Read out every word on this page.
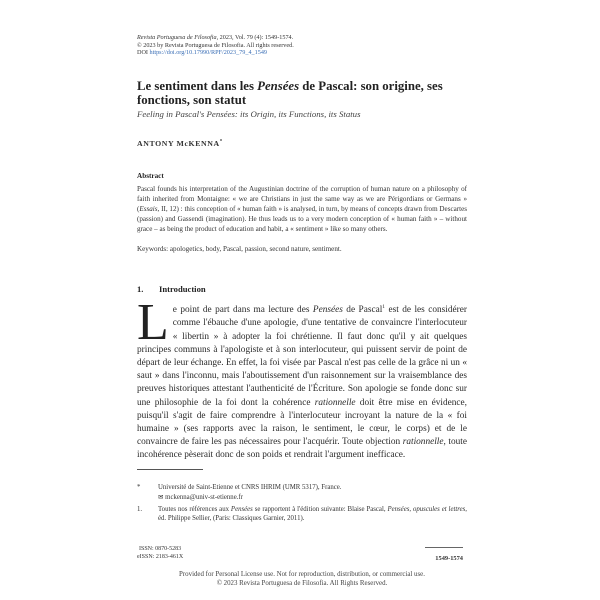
Revista Portuguesa de Filosofia, 2023, Vol. 79 (4): 1549-1574.
© 2023 by Revista Portuguesa de Filosofia. All rights reserved.
DOI https://doi.org/10.17990/RPF/2023_79_4_1549
Le sentiment dans les Pensées de Pascal: son origine, ses fonctions, son statut
Feeling in Pascal's Pensées: its Origin, its Functions, its Status
ANTONY McKENNA*
Abstract
Pascal founds his interpretation of the Augustinian doctrine of the corruption of human nature on a philosophy of faith inherited from Montaigne: « we are Christians in just the same way as we are Périgordians or Germans » (Essais, II, 12) : this conception of « human faith » is analysed, in turn, by means of concepts drawn from Descartes (passion) and Gassendi (imagination). He thus leads us to a very modern conception of « human faith » – without grace – as being the product of education and habit, a « sentiment » like so many others.
Keywords: apologetics, body, Pascal, passion, second nature, sentiment.
1. Introduction
Le point de part dans ma lecture des Pensées de Pascal$^1$ est de les considérer comme l'ébauche d'une apologie, d'une tentative de convaincre l'interlocuteur « libertin » à adopter la foi chrétienne. Il faut donc qu'il y ait quelques principes communs à l'apologiste et à son interlocuteur, qui puissent servir de point de départ de leur échange. En effet, la foi visée par Pascal n'est pas celle de la grâce ni un « saut » dans l'inconnu, mais l'aboutissement d'un raisonnement sur la vraisemblance des preuves historiques attestant l'authenticité de l'Écriture. Son apologie se fonde donc sur une philosophie de la foi dont la cohérence rationnelle doit être mise en évidence, puisqu'il s'agit de faire comprendre à l'interlocuteur incroyant la nature de la « foi humaine » (ses rapports avec la raison, le sentiment, le cœur, le corps) et de le convaincre de faire les pas nécessaires pour l'acquérir. Toute objection rationnelle, toute incohérence pèserait donc de son poids et rendrait l'argument inefficace.
*	Université de Saint-Etienne et CNRS IHRIM (UMR 5317), France.
✉ mckenna@univ-st-etienne.fr
1.	Toutes nos références aux Pensées se rapportent à l'édition suivante: Blaise Pascal, Pensées, opuscules et lettres, éd. Philippe Sellier, (Paris: Classiques Garnier, 2011).
ISSN: 0870-5283
eISSN: 2183-461X	1549-1574
Provided for Personal License use. Not for reproduction, distribution, or commercial use.
© 2023 Revista Portuguesa de Filosofia. All Rights Reserved.
